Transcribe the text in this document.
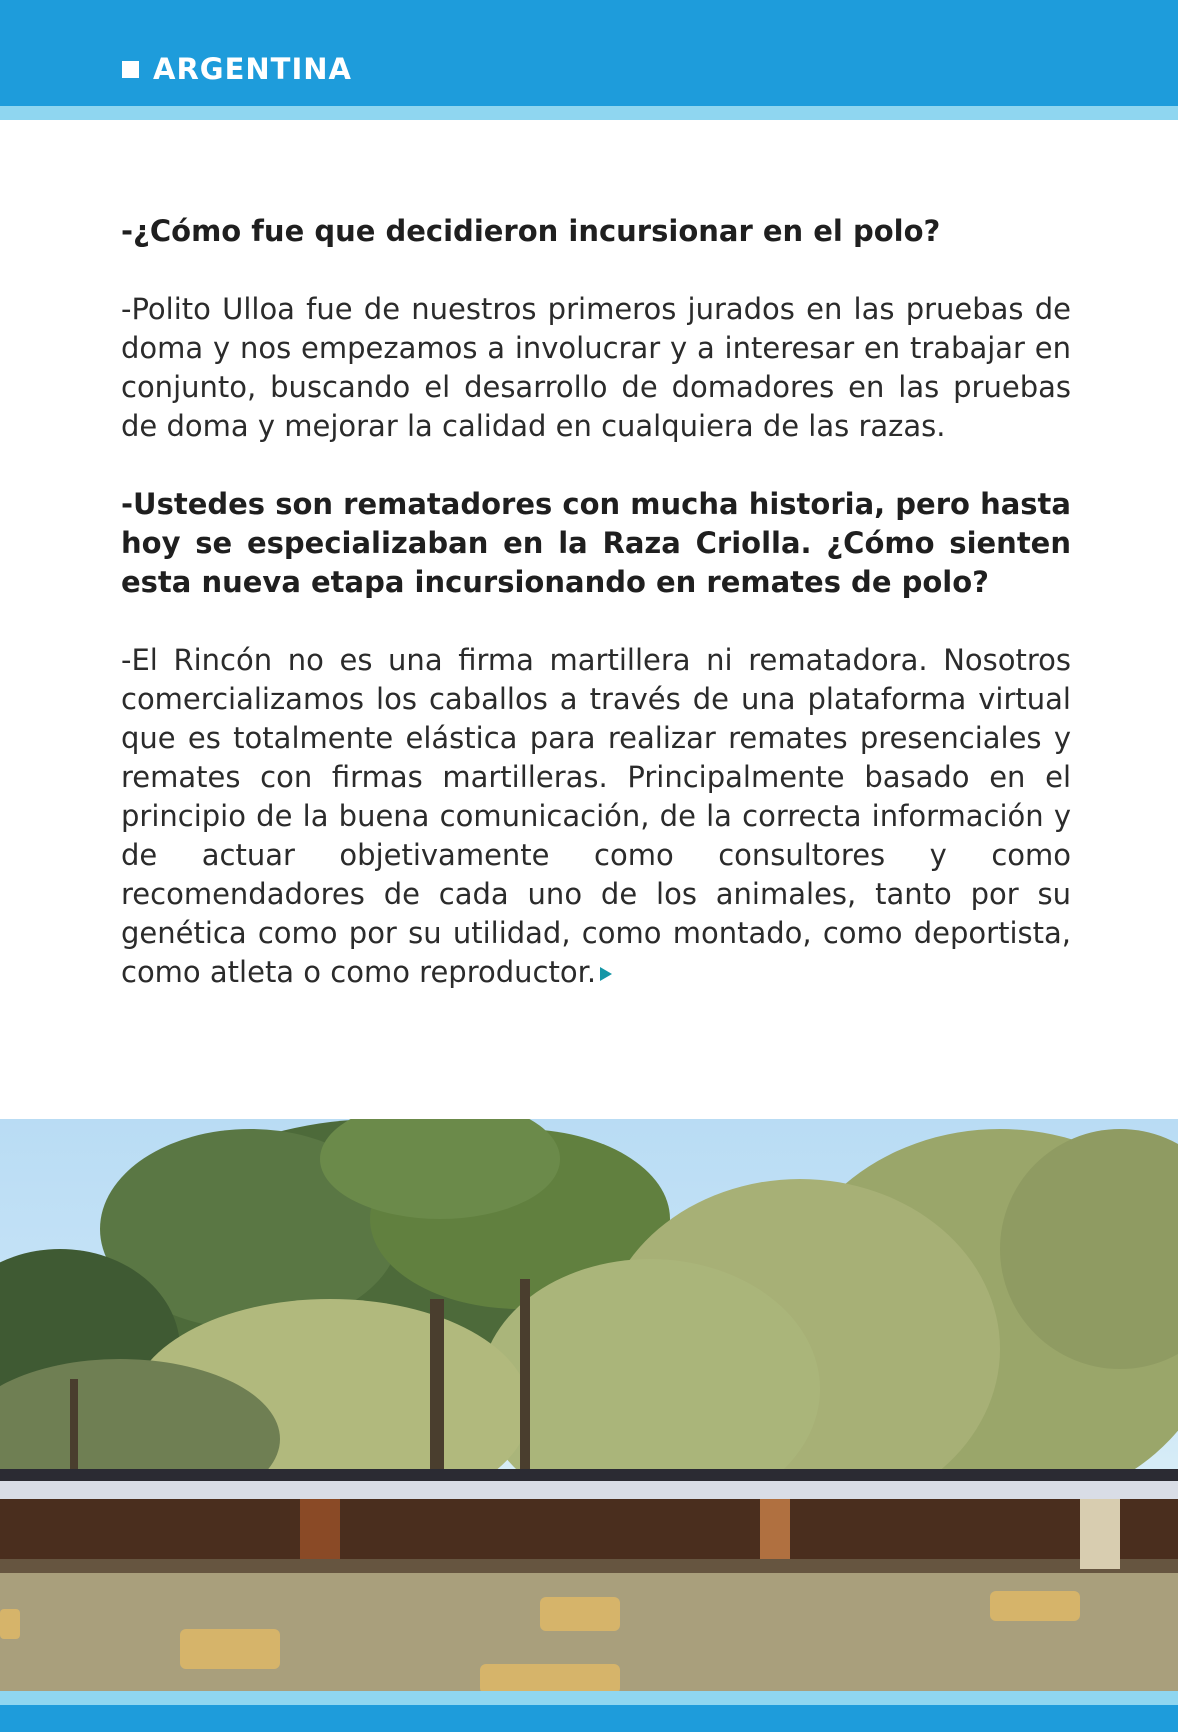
ARGENTINA

-¿Cómo fue que decidieron incursionar en el polo?

-Polito Ulloa fue de nuestros primeros jurados en las pruebas de doma y nos empezamos a involucrar y a interesar en trabajar en conjunto, buscando el desarrollo de domadores en las pruebas de doma y mejorar la calidad en cualquiera de las razas.

-Ustedes son rematadores con mucha historia, pero hasta hoy se especializaban en la Raza Criolla. ¿Cómo sienten esta nueva etapa incursionando en remates de polo?

-El Rincón no es una firma martillera ni rematadora. Nosotros comercializamos los caballos a través de una plataforma virtual que es totalmente elástica para realizar remates presenciales y remates con firmas martilleras. Principalmente basado en el principio de la buena comunicación, de la correcta información y de actuar objetivamente como consultores y como recomendadores de cada uno de los animales, tanto por su genética como por su utilidad, como montado, como deportista, como atleta o como reproductor.
